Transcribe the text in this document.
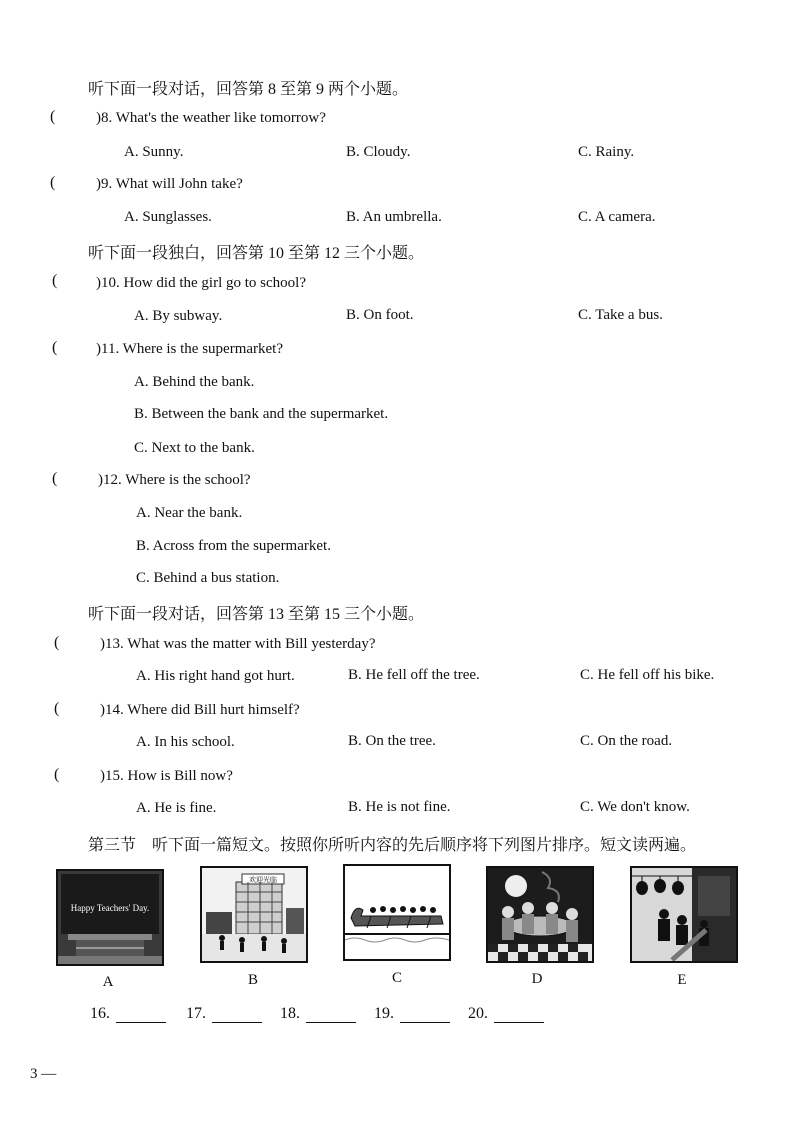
听下面一段对话，回答第 8 至第 9 两个小题。
(	)8. What's the weather like tomorrow?
A. Sunny.	B. Cloudy.	C. Rainy.
(	)9. What will John take?
A. Sunglasses.	B. An umbrella.	C. A camera.
听下面一段独白，回答第 10 至第 12 三个小题。
(	)10. How did the girl go to school?
A. By subway.	B. On foot.	C. Take a bus.
(	)11. Where is the supermarket?
A. Behind the bank.
B. Between the bank and the supermarket.
C. Next to the bank.
(	)12. Where is the school?
A. Near the bank.
B. Across from the supermarket.
C. Behind a bus station.
听下面一段对话，回答第 13 至第 15 三个小题。
(	)13. What was the matter with Bill yesterday?
A. His right hand got hurt.	B. He fell off the tree.	C. He fell off his bike.
(	)14. Where did Bill hurt himself?
A. In his school.	B. On the tree.	C. On the road.
(	)15. How is Bill now?
A. He is fine.	B. He is not fine.	C. We don't know.
第三节　听下面一篇短文。按照你所听内容的先后顺序将下列图片排序。短文读两遍。
Happy Teachers' Day.
A
欢迎光临
B	C	D	E
16.	17.	18.	19.	20.
3 —
